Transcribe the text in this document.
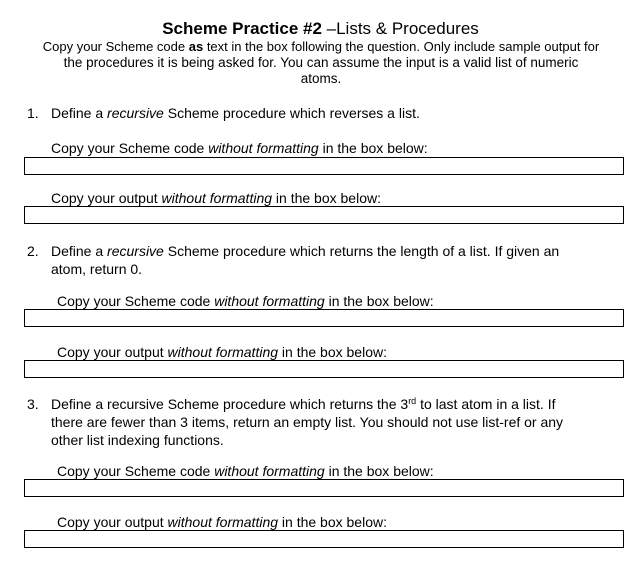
Scheme Practice #2 –Lists & Procedures
Copy your Scheme code as text in the box following the question. Only include sample output for
the procedures it is being asked for. You can assume the input is a valid list of numeric
atoms.
1. Define a recursive Scheme procedure which reverses a list.
Copy your Scheme code without formatting in the box below:
Copy your output without formatting in the box below:
2. Define a recursive Scheme procedure which returns the length of a list. If given an
atom, return 0.
Copy your Scheme code without formatting in the box below:
Copy your output without formatting in the box below:
3. Define a recursive Scheme procedure which returns the 3rd to last atom in a list. If
there are fewer than 3 items, return an empty list. You should not use list-ref or any
other list indexing functions.
Copy your Scheme code without formatting in the box below:
Copy your output without formatting in the box below:
